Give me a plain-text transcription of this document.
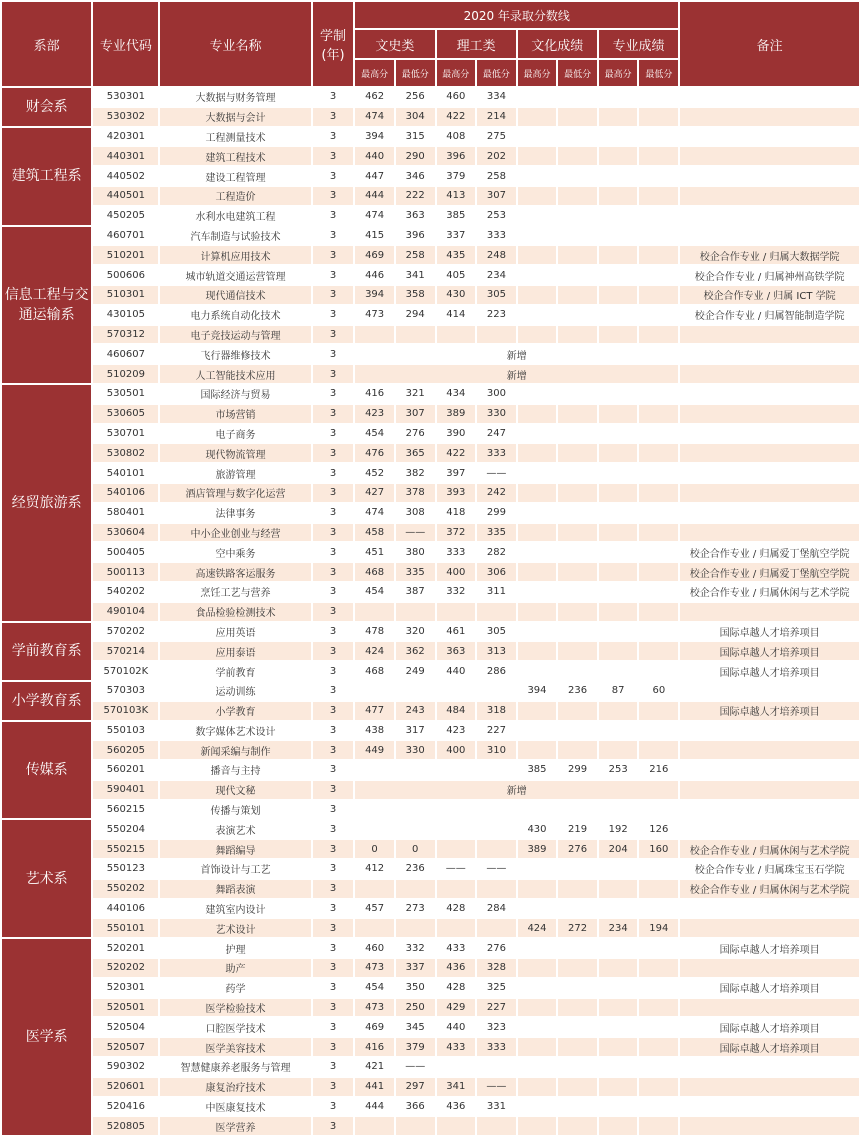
系部	专业代码	专业名称	学制
(年)	2020 年录取分数线								备注
				文史类		理工类		文化成绩		专业成绩		
				最高分	最低分	最高分	最低分	最高分	最低分	最高分	最低分	
财会系	530301	大数据与财务管理	3	462	256	460	334					
	530302	大数据与会计	3	474	304	422	214					
建筑工程系	420301	工程测量技术	3	394	315	408	275					
	440301	建筑工程技术	3	440	290	396	202					
	440502	建设工程管理	3	447	346	379	258					
	440501	工程造价	3	444	222	413	307					
	450205	水利水电建筑工程	3	474	363	385	253					
信息工程与交通运输系	460701	汽车制造与试验技术	3	415	396	337	333					
	510201	计算机应用技术	3	469	258	435	248					校企合作专业 / 归属大数据学院
	500606	城市轨道交通运营管理	3	446	341	405	234					校企合作专业 / 归属神州高铁学院
	510301	现代通信技术	3	394	358	430	305					校企合作专业 / 归属 ICT 学院
	430105	电力系统自动化技术	3	473	294	414	223					校企合作专业 / 归属智能制造学院
	570312	电子竞技运动与管理	3									
	460607	飞行器维修技术	3	新增								
	510209	人工智能技术应用	3	新增								
经贸旅游系	530501	国际经济与贸易	3	416	321	434	300					
	530605	市场营销	3	423	307	389	330					
	530701	电子商务	3	454	276	390	247					
	530802	现代物流管理	3	476	365	422	333					
	540101	旅游管理	3	452	382	397	——					
	540106	酒店管理与数字化运营	3	427	378	393	242					
	580401	法律事务	3	474	308	418	299					
	530604	中小企业创业与经营	3	458	——	372	335					
	500405	空中乘务	3	451	380	333	282					校企合作专业 / 归属爱丁堡航空学院
	500113	高速铁路客运服务	3	468	335	400	306					校企合作专业 / 归属爱丁堡航空学院
	540202	烹饪工艺与营养	3	454	387	332	311					校企合作专业 / 归属休闲与艺术学院
	490104	食品检验检测技术	3									
学前教育系	570202	应用英语	3	478	320	461	305					国际卓越人才培养项目
	570214	应用泰语	3	424	362	363	313					国际卓越人才培养项目
	570102K	学前教育	3	468	249	440	286					国际卓越人才培养项目
小学教育系	570303	运动训练	3					394	236	87	60	
	570103K	小学教育	3	477	243	484	318					国际卓越人才培养项目
传媒系	550103	数字媒体艺术设计	3	438	317	423	227					
	560205	新闻采编与制作	3	449	330	400	310					
	560201	播音与主持	3					385	299	253	216	
	590401	现代文秘	3	新增								
	560215	传播与策划	3									
艺术系	550204	表演艺术	3					430	219	192	126	
	550215	舞蹈编导	3	0	0			389	276	204	160	校企合作专业 / 归属休闲与艺术学院
	550123	首饰设计与工艺	3	412	236	——	——					校企合作专业 / 归属珠宝玉石学院
	550202	舞蹈表演	3									校企合作专业 / 归属休闲与艺术学院
	440106	建筑室内设计	3	457	273	428	284					
	550101	艺术设计	3					424	272	234	194	
医学系	520201	护理	3	460	332	433	276					国际卓越人才培养项目
	520202	助产	3	473	337	436	328					
	520301	药学	3	454	350	428	325					国际卓越人才培养项目
	520501	医学检验技术	3	473	250	429	227					
	520504	口腔医学技术	3	469	345	440	323					国际卓越人才培养项目
	520507	医学美容技术	3	416	379	433	333					国际卓越人才培养项目
	590302	智慧健康养老服务与管理	3	421	——							
	520601	康复治疗技术	3	441	297	341	——					
	520416	中医康复技术	3	444	366	436	331					
	520805	医学营养	3									
